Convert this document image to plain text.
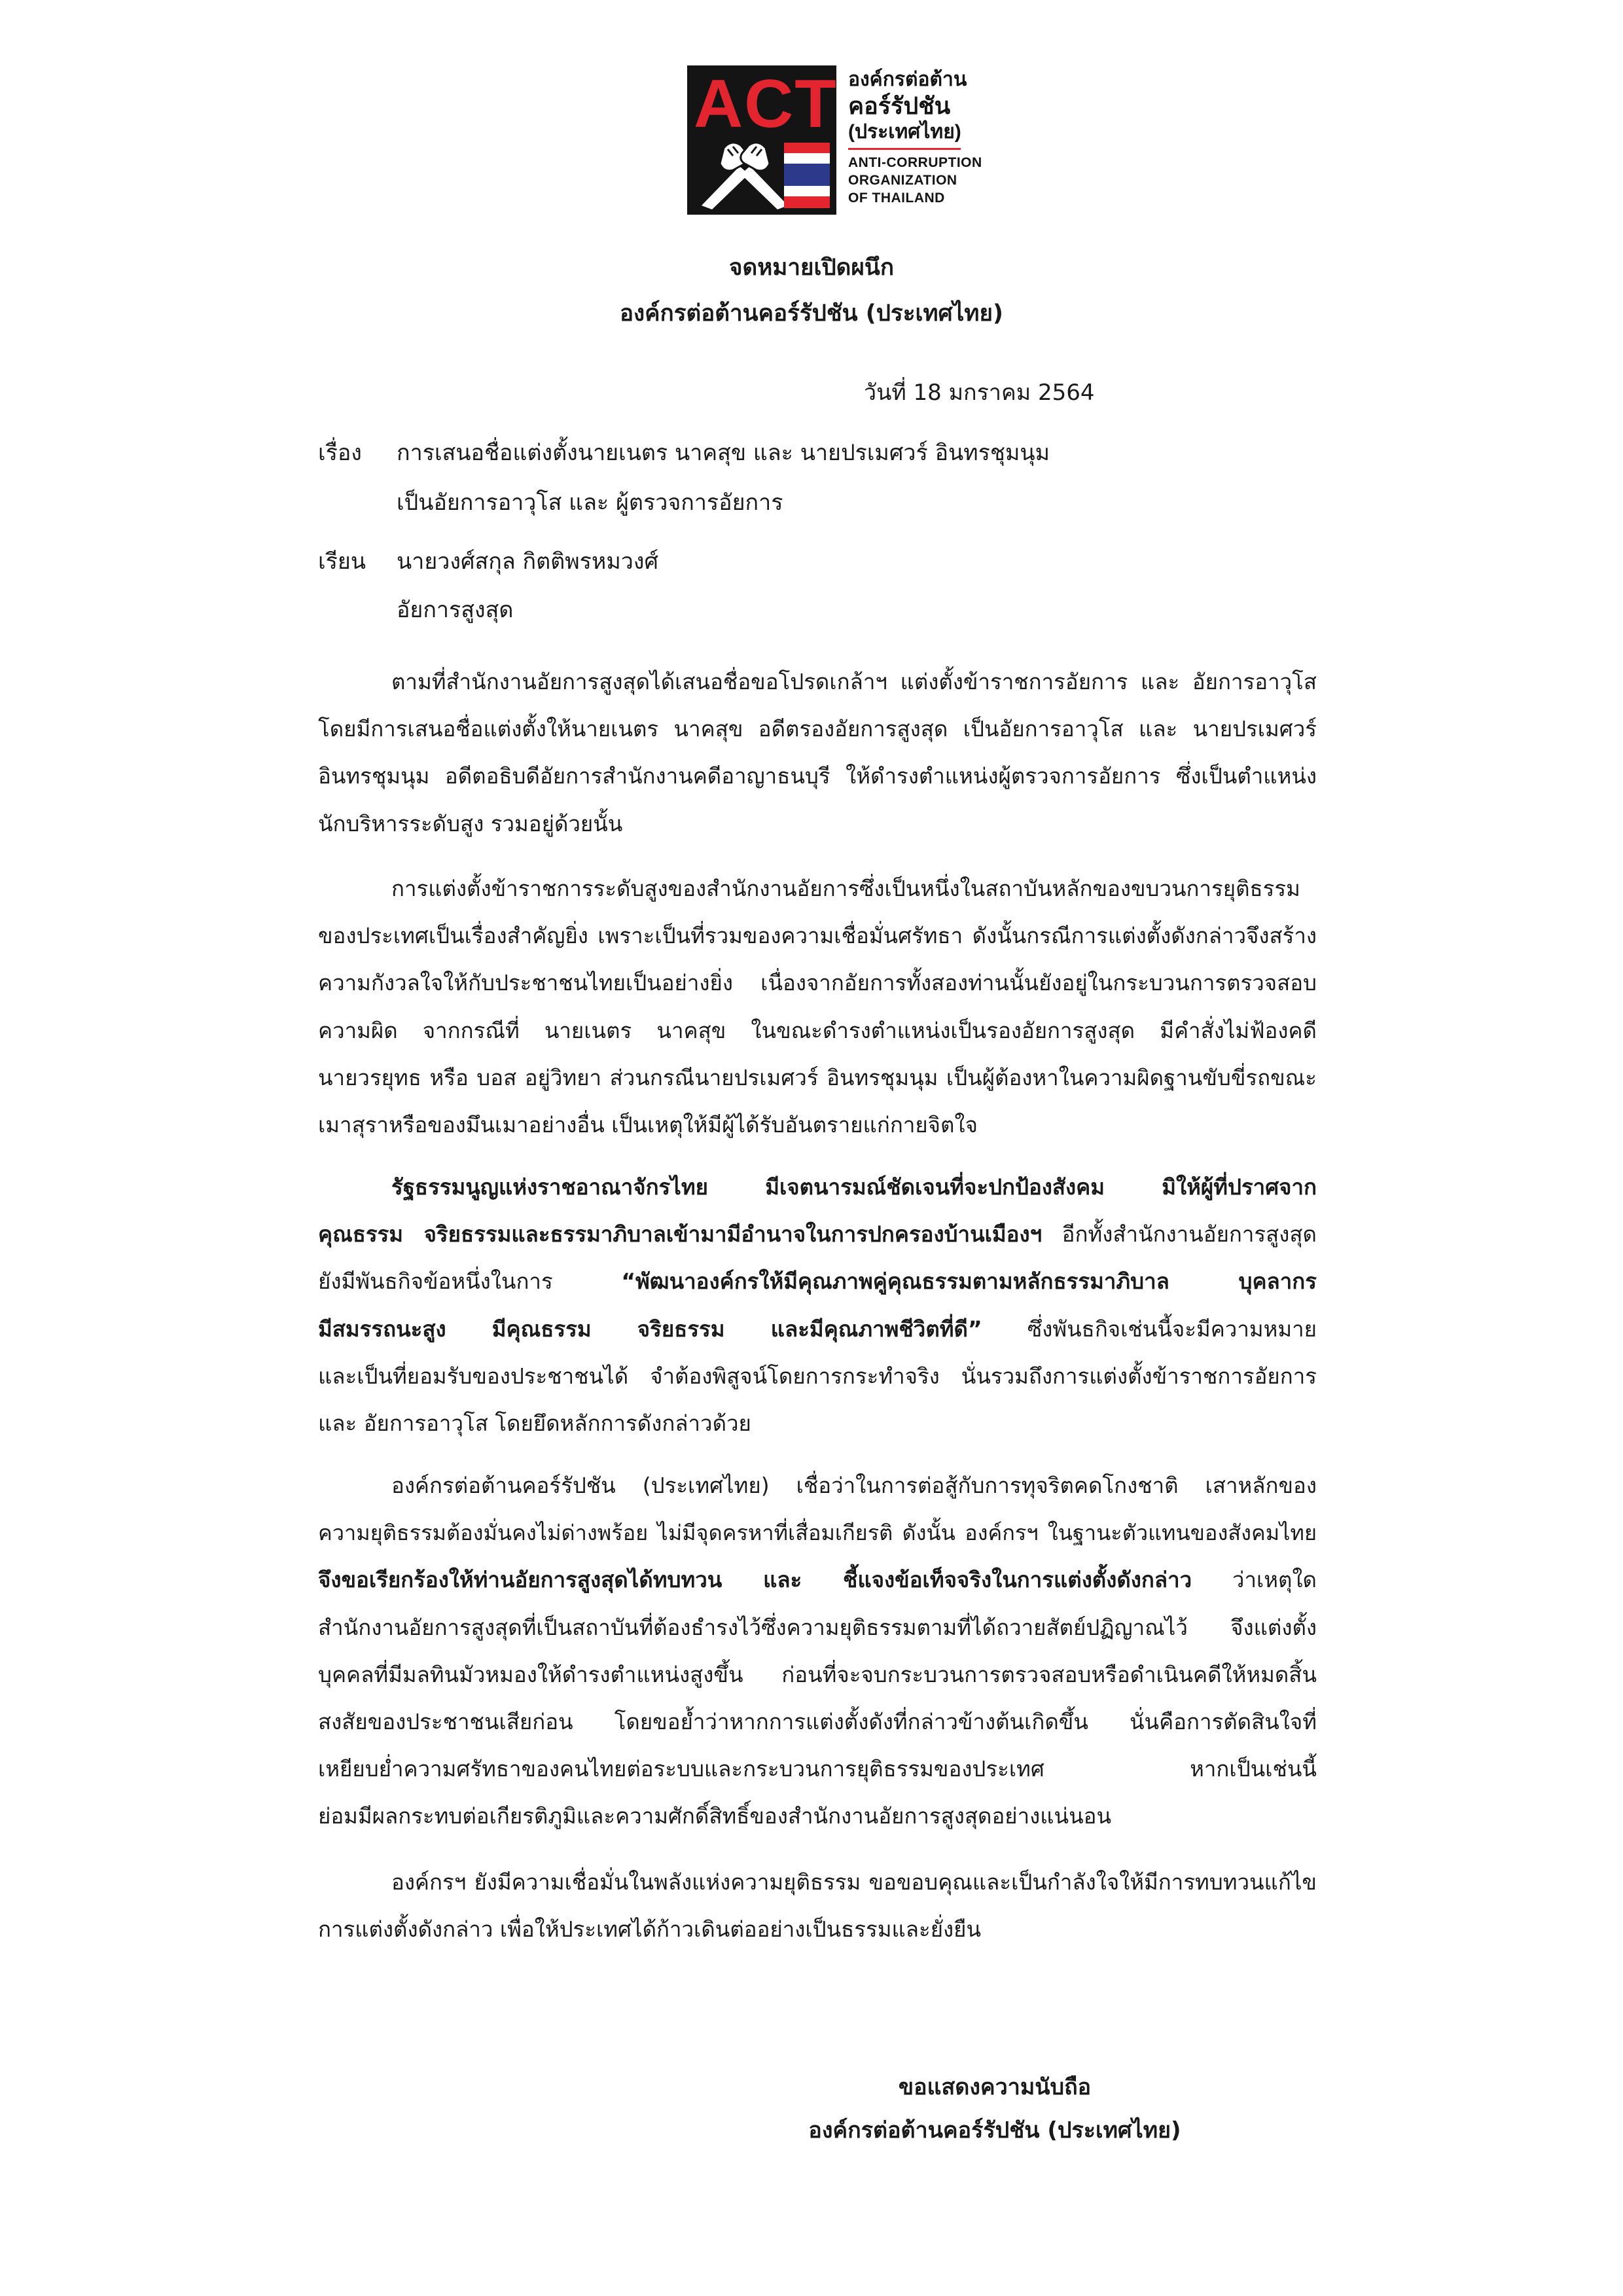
ACT องค์กรต่อต้าน
คอร์รัปชัน
(ประเทศไทย)
ANTI-CORRUPTION
ORGANIZATION
OF THAILAND
จดหมายเปิดผนึก
องค์กรต่อต้านคอร์รัปชัน (ประเทศไทย)
วันที่ 18 มกราคม 2564
เรื่อง การเสนอชื่อแต่งตั้งนายเนตร นาคสุข และ นายปรเมศวร์ อินทรชุมนุม
เป็นอัยการอาวุโส และ ผู้ตรวจการอัยการ
เรียน นายวงศ์สกุล กิตติพรหมวงศ์
อัยการสูงสุด
ตามที่สำนักงานอัยการสูงสุดได้เสนอชื่อขอโปรดเกล้าฯ แต่งตั้งข้าราชการอัยการ และ อัยการอาวุโส
โดยมีการเสนอชื่อแต่งตั้งให้นายเนตร นาคสุข อดีตรองอัยการสูงสุด เป็นอัยการอาวุโส และ นายปรเมศวร์
อินทรชุมนุม อดีตอธิบดีอัยการสำนักงานคดีอาญาธนบุรี ให้ดำรงตำแหน่งผู้ตรวจการอัยการ ซึ่งเป็นตำแหน่ง
นักบริหารระดับสูง รวมอยู่ด้วยนั้น
การแต่งตั้งข้าราชการระดับสูงของสำนักงานอัยการซึ่งเป็นหนึ่งในสถาบันหลักของขบวนการยุติธรรม
ของประเทศเป็นเรื่องสำคัญยิ่ง เพราะเป็นที่รวมของความเชื่อมั่นศรัทธา ดังนั้นกรณีการแต่งตั้งดังกล่าวจึงสร้าง
ความกังวลใจให้กับประชาชนไทยเป็นอย่างยิ่ง เนื่องจากอัยการทั้งสองท่านนั้นยังอยู่ในกระบวนการตรวจสอบ
ความผิด จากกรณีที่ นายเนตร นาคสุข ในขณะดำรงตำแหน่งเป็นรองอัยการสูงสุด มีคำสั่งไม่ฟ้องคดี
นายวรยุทธ หรือ บอส อยู่วิทยา ส่วนกรณีนายปรเมศวร์ อินทรชุมนุม เป็นผู้ต้องหาในความผิดฐานขับขี่รถขณะ
เมาสุราหรือของมึนเมาอย่างอื่น เป็นเหตุให้มีผู้ได้รับอันตรายแก่กายจิตใจ
รัฐธรรมนูญแห่งราชอาณาจักรไทย มีเจตนารมณ์ชัดเจนที่จะปกป้องสังคม มิให้ผู้ที่ปราศจาก
คุณธรรม จริยธรรมและธรรมาภิบาลเข้ามามีอำนาจในการปกครองบ้านเมืองฯ อีกทั้งสำนักงานอัยการสูงสุด
ยังมีพันธกิจข้อหนึ่งในการ “พัฒนาองค์กรให้มีคุณภาพคู่คุณธรรมตามหลักธรรมาภิบาล บุคลากร
มีสมรรถนะสูง มีคุณธรรม จริยธรรม และมีคุณภาพชีวิตที่ดี” ซึ่งพันธกิจเช่นนี้จะมีความหมาย
และเป็นที่ยอมรับของประชาชนได้ จำต้องพิสูจน์โดยการกระทำจริง นั่นรวมถึงการแต่งตั้งข้าราชการอัยการ
และ อัยการอาวุโส โดยยึดหลักการดังกล่าวด้วย
องค์กรต่อต้านคอร์รัปชัน (ประเทศไทย) เชื่อว่าในการต่อสู้กับการทุจริตคดโกงชาติ เสาหลักของ
ความยุติธรรมต้องมั่นคงไม่ด่างพร้อย ไม่มีจุดครหาที่เสื่อมเกียรติ ดังนั้น องค์กรฯ ในฐานะตัวแทนของสังคมไทย
จึงขอเรียกร้องให้ท่านอัยการสูงสุดได้ทบทวน และ ชี้แจงข้อเท็จจริงในการแต่งตั้งดังกล่าว ว่าเหตุใด
สำนักงานอัยการสูงสุดที่เป็นสถาบันที่ต้องธำรงไว้ซึ่งความยุติธรรมตามที่ได้ถวายสัตย์ปฏิญาณไว้ จึงแต่งตั้ง
บุคคลที่มีมลทินมัวหมองให้ดำรงตำแหน่งสูงขึ้น ก่อนที่จะจบกระบวนการตรวจสอบหรือดำเนินคดีให้หมดสิ้น
สงสัยของประชาชนเสียก่อน โดยขอย้ำว่าหากการแต่งตั้งดังที่กล่าวข้างต้นเกิดขึ้น นั่นคือการตัดสินใจที่
เหยียบย่ำความศรัทธาของคนไทยต่อระบบและกระบวนการยุติธรรมของประเทศ หากเป็นเช่นนี้
ย่อมมีผลกระทบต่อเกียรติภูมิและความศักดิ์สิทธิ์ของสำนักงานอัยการสูงสุดอย่างแน่นอน
องค์กรฯ ยังมีความเชื่อมั่นในพลังแห่งความยุติธรรม ขอขอบคุณและเป็นกำลังใจให้มีการทบทวนแก้ไข
การแต่งตั้งดังกล่าว เพื่อให้ประเทศได้ก้าวเดินต่ออย่างเป็นธรรมและยั่งยืน
ขอแสดงความนับถือ
องค์กรต่อต้านคอร์รัปชัน (ประเทศไทย)
